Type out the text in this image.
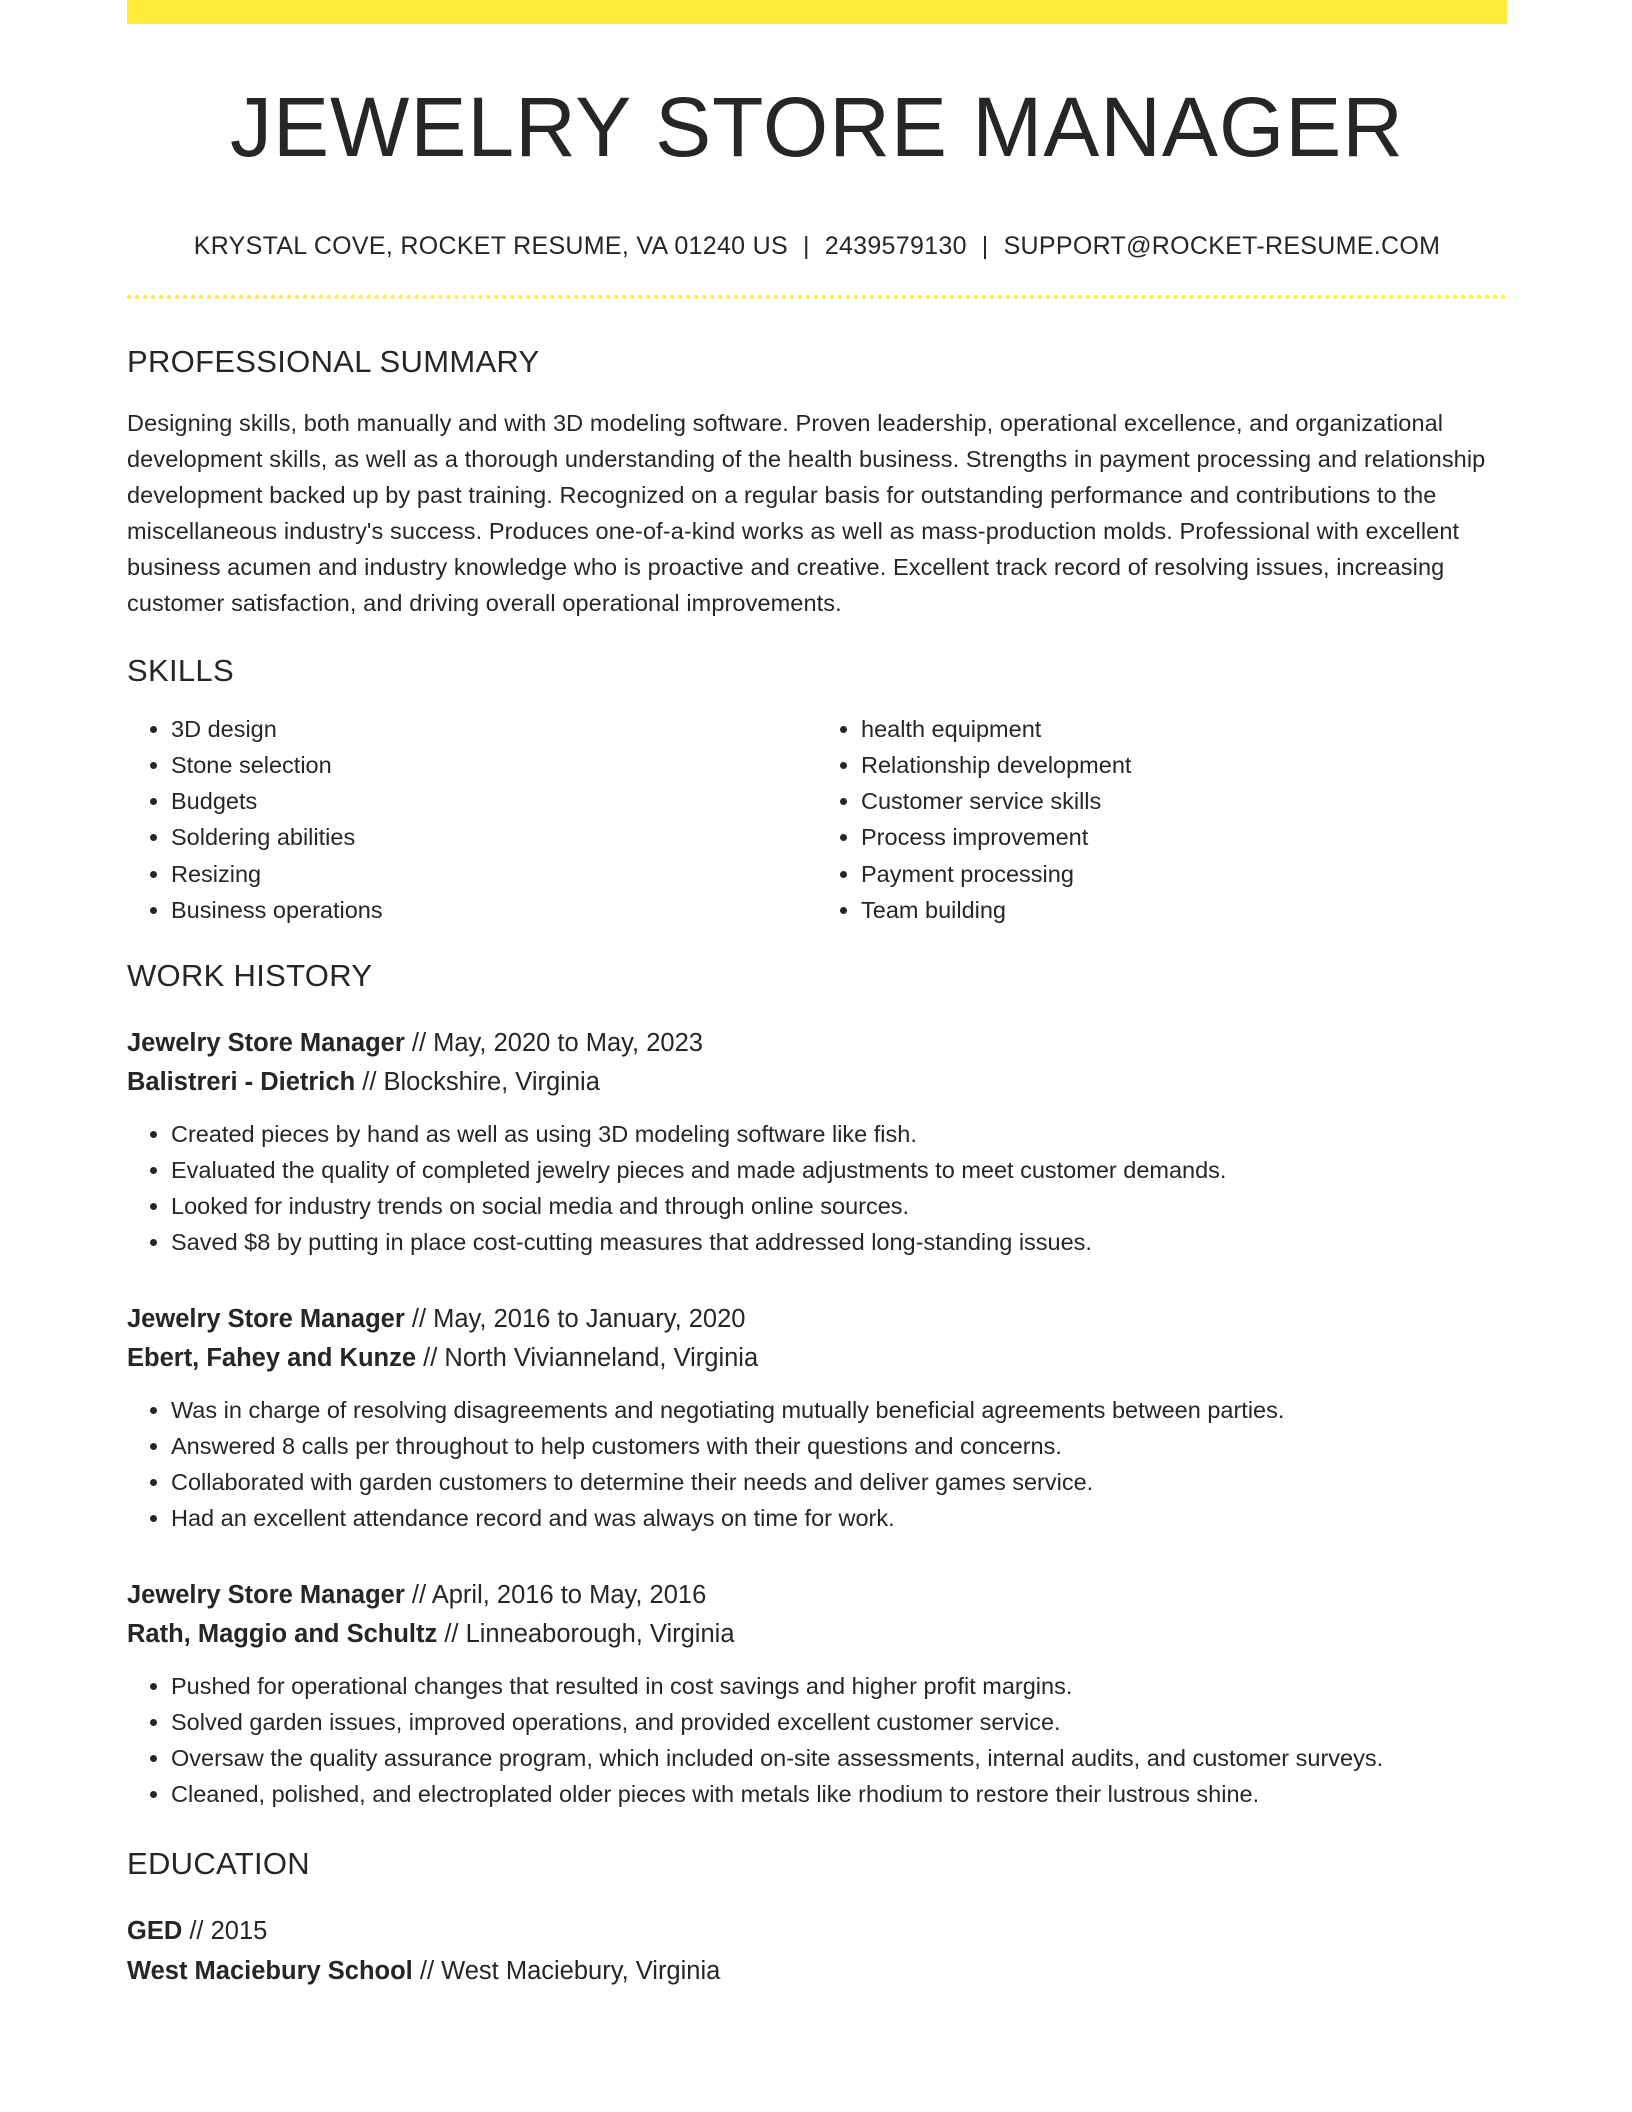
JEWELRY STORE MANAGER
KRYSTAL COVE, ROCKET RESUME, VA 01240 US | 2439579130 | SUPPORT@ROCKET-RESUME.COM
PROFESSIONAL SUMMARY
Designing skills, both manually and with 3D modeling software. Proven leadership, operational excellence, and organizational development skills, as well as a thorough understanding of the health business. Strengths in payment processing and relationship development backed up by past training. Recognized on a regular basis for outstanding performance and contributions to the miscellaneous industry's success. Produces one-of-a-kind works as well as mass-production molds. Professional with excellent business acumen and industry knowledge who is proactive and creative. Excellent track record of resolving issues, increasing customer satisfaction, and driving overall operational improvements.
SKILLS
• 3D design
• Stone selection
• Budgets
• Soldering abilities
• Resizing
• Business operations
• health equipment
• Relationship development
• Customer service skills
• Process improvement
• Payment processing
• Team building
WORK HISTORY
Jewelry Store Manager // May, 2020 to May, 2023
Balistreri - Dietrich // Blockshire, Virginia
• Created pieces by hand as well as using 3D modeling software like fish.
• Evaluated the quality of completed jewelry pieces and made adjustments to meet customer demands.
• Looked for industry trends on social media and through online sources.
• Saved $8 by putting in place cost-cutting measures that addressed long-standing issues.
Jewelry Store Manager // May, 2016 to January, 2020
Ebert, Fahey and Kunze // North Vivianneland, Virginia
• Was in charge of resolving disagreements and negotiating mutually beneficial agreements between parties.
• Answered 8 calls per throughout to help customers with their questions and concerns.
• Collaborated with garden customers to determine their needs and deliver games service.
• Had an excellent attendance record and was always on time for work.
Jewelry Store Manager // April, 2016 to May, 2016
Rath, Maggio and Schultz // Linneaborough, Virginia
• Pushed for operational changes that resulted in cost savings and higher profit margins.
• Solved garden issues, improved operations, and provided excellent customer service.
• Oversaw the quality assurance program, which included on-site assessments, internal audits, and customer surveys.
• Cleaned, polished, and electroplated older pieces with metals like rhodium to restore their lustrous shine.
EDUCATION
GED // 2015
West Maciebury School // West Maciebury, Virginia
